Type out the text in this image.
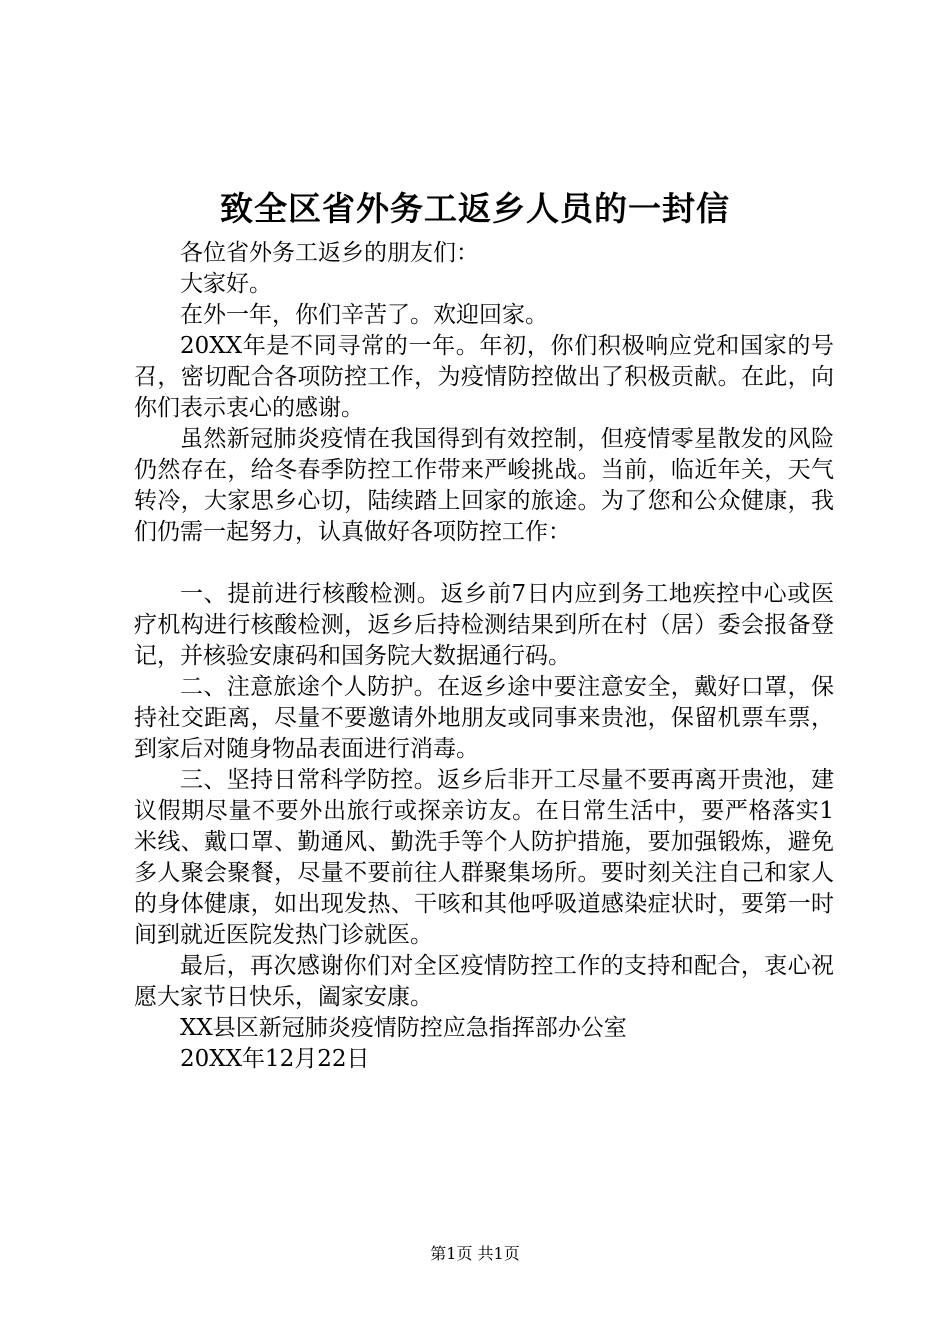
致全区省外务工返乡人员的一封信

各位省外务工返乡的朋友们：

大家好。

在外一年，你们辛苦了。欢迎回家。

20XX年是不同寻常的一年。年初，你们积极响应党和国家的号召，密切配合各项防控工作，为疫情防控做出了积极贡献。在此，向你们表示衷心的感谢。

虽然新冠肺炎疫情在我国得到有效控制，但疫情零星散发的风险仍然存在，给冬春季防控工作带来严峻挑战。当前，临近年关，天气转冷，大家思乡心切，陆续踏上回家的旅途。为了您和公众健康，我们仍需一起努力，认真做好各项防控工作：

一、提前进行核酸检测。返乡前7日内应到务工地疾控中心或医疗机构进行核酸检测，返乡后持检测结果到所在村（居）委会报备登记，并核验安康码和国务院大数据通行码。

二、注意旅途个人防护。在返乡途中要注意安全，戴好口罩，保持社交距离，尽量不要邀请外地朋友或同事来贵池，保留机票车票，到家后对随身物品表面进行消毒。

三、坚持日常科学防控。返乡后非开工尽量不要再离开贵池，建议假期尽量不要外出旅行或探亲访友。在日常生活中，要严格落实1米线、戴口罩、勤通风、勤洗手等个人防护措施，要加强锻炼，避免多人聚会聚餐，尽量不要前往人群聚集场所。要时刻关注自己和家人的身体健康，如出现发热、干咳和其他呼吸道感染症状时，要第一时间到就近医院发热门诊就医。

最后，再次感谢你们对全区疫情防控工作的支持和配合，衷心祝愿大家节日快乐，阖家安康。

XX县区新冠肺炎疫情防控应急指挥部办公室

20XX年12月22日

第1页 共1页
